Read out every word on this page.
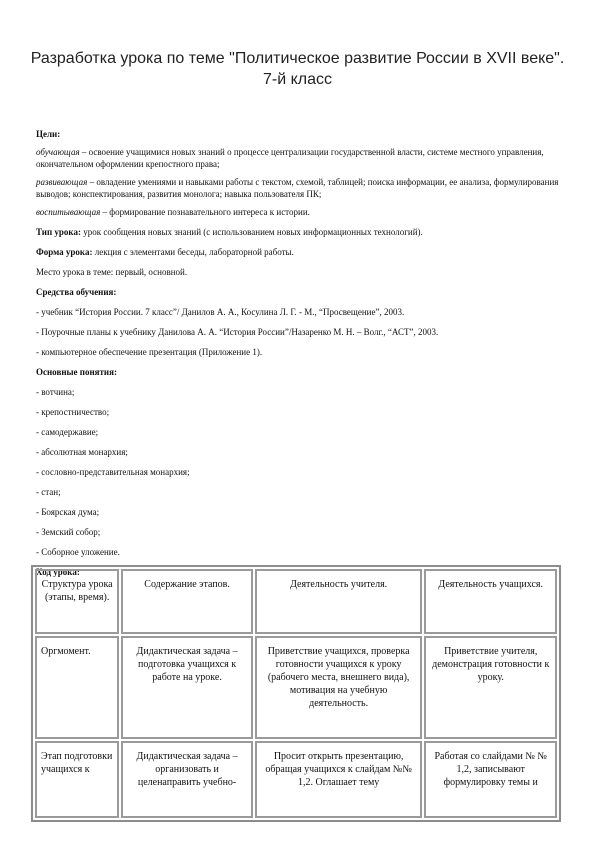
Разработка урока по теме "Политическое развитие России в XVII веке". 7-й класс

Цели:

обучающая – освоение учащимися новых знаний о процессе централизации государственной власти, системе местного управления, окончательном оформлении крепостного права;

развивающая – овладение умениями и навыками работы с текстом, схемой, таблицей; поиска информации, ее анализа, формулирования выводов; конспектирования, развития монолога; навыка пользователя ПК;

воспитывающая – формирование познавательного интереса к истории.

Тип урока: урок сообщения новых знаний (с использованием новых информационных технологий).

Форма урока: лекция с элементами беседы, лабораторной работы.

Место урока в теме: первый, основной.

Средства обучения:

- учебник “История России. 7 класс”/ Данилов А. А., Косулина Л. Г. - М., “Просвещение”, 2003.

- Поурочные планы к учебнику Данилова А. А. “История России”/Назаренко М. Н. – Волг., “АСТ”, 2003.

- компьютерное обеспечение презентация (Приложение 1).

Основные понятия:

- вотчина;

- крепостничество;

- самодержавие;

- абсолютная монархия;

- сословно-представительная монархия;

- стан;

- Боярская дума;

- Земский собор;

- Соборное уложение.

Ход урока:

Структура урока (этапы, время).	Содержание этапов.	Деятельность учителя.	Деятельность учащихся.
Оргмомент.	Дидактическая задача – подготовка учащихся к работе на уроке.	Приветствие учащихся, проверка готовности учащихся к уроку (рабочего места, внешнего вида), мотивация на учебную деятельность.	Приветствие учителя, демонстрация готовности к уроку.
Этап подготовки учащихся к	Дидактическая задача – организовать и целенаправить учебно-	Просит открыть презентацию, обращая учащихся к слайдам №№ 1,2. Оглашает тему	Работая со слайдами № № 1,2, записывают формулировку темы и
